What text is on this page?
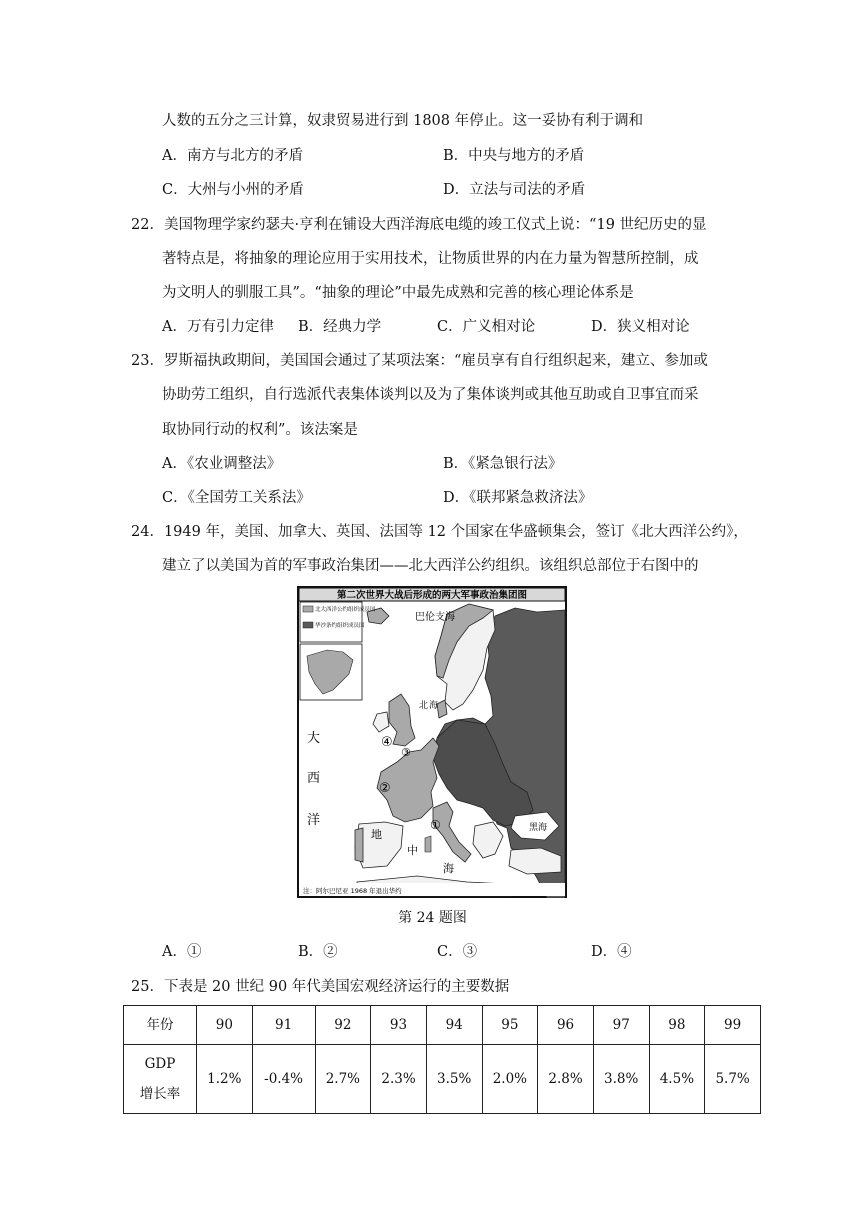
人数的五分之三计算，奴隶贸易进行到 1808 年停止。这一妥协有利于调和
A．南方与北方的矛盾	B．中央与地方的矛盾
C．大州与小州的矛盾	D．立法与司法的矛盾
22．美国物理学家约瑟夫·亨利在铺设大西洋海底电缆的竣工仪式上说：“19 世纪历史的显
著特点是，将抽象的理论应用于实用技术，让物质世界的内在力量为智慧所控制，成
为文明人的驯服工具”。“抽象的理论”中最先成熟和完善的核心理论体系是
A．万有引力定律 B．经典力学	C．广义相对论	D．狭义相对论
23．罗斯福执政期间，美国国会通过了某项法案：“雇员享有自行组织起来，建立、参加或
协助劳工组织，自行选派代表集体谈判以及为了集体谈判或其他互助或自卫事宜而采
取协同行动的权利”。该法案是
A．《农业调整法》	B．《紧急银行法》
C．《全国劳工关系法》	D．《联邦紧急救济法》
24．1949 年，美国、加拿大、英国、法国等 12 个国家在华盛顿集会，签订《北大西洋公约》，
建立了以美国为首的军事政治集团——北大西洋公约组织。该组织总部位于右图中的
第二次世界大战后形成的两大军事政治集团图
北大西洋公约组织成员国
华沙条约组织成员国
巴伦支海
北 海
大
西
洋	黑海
地
中
海
①
②
③
④
注：阿尔巴尼亚 1968 年退出华约
第 24 题图
A．①	B．②	C．③	D．④
25．下表是 20 世纪 90 年代美国宏观经济运行的主要数据
年份	90	91	92	93	94	95	96	97	98	99

GDP
增长率	1.2%	-0.4%	2.7%	2.3%	3.5%	2.0%	2.8%	3.8%	4.5%	5.7%
